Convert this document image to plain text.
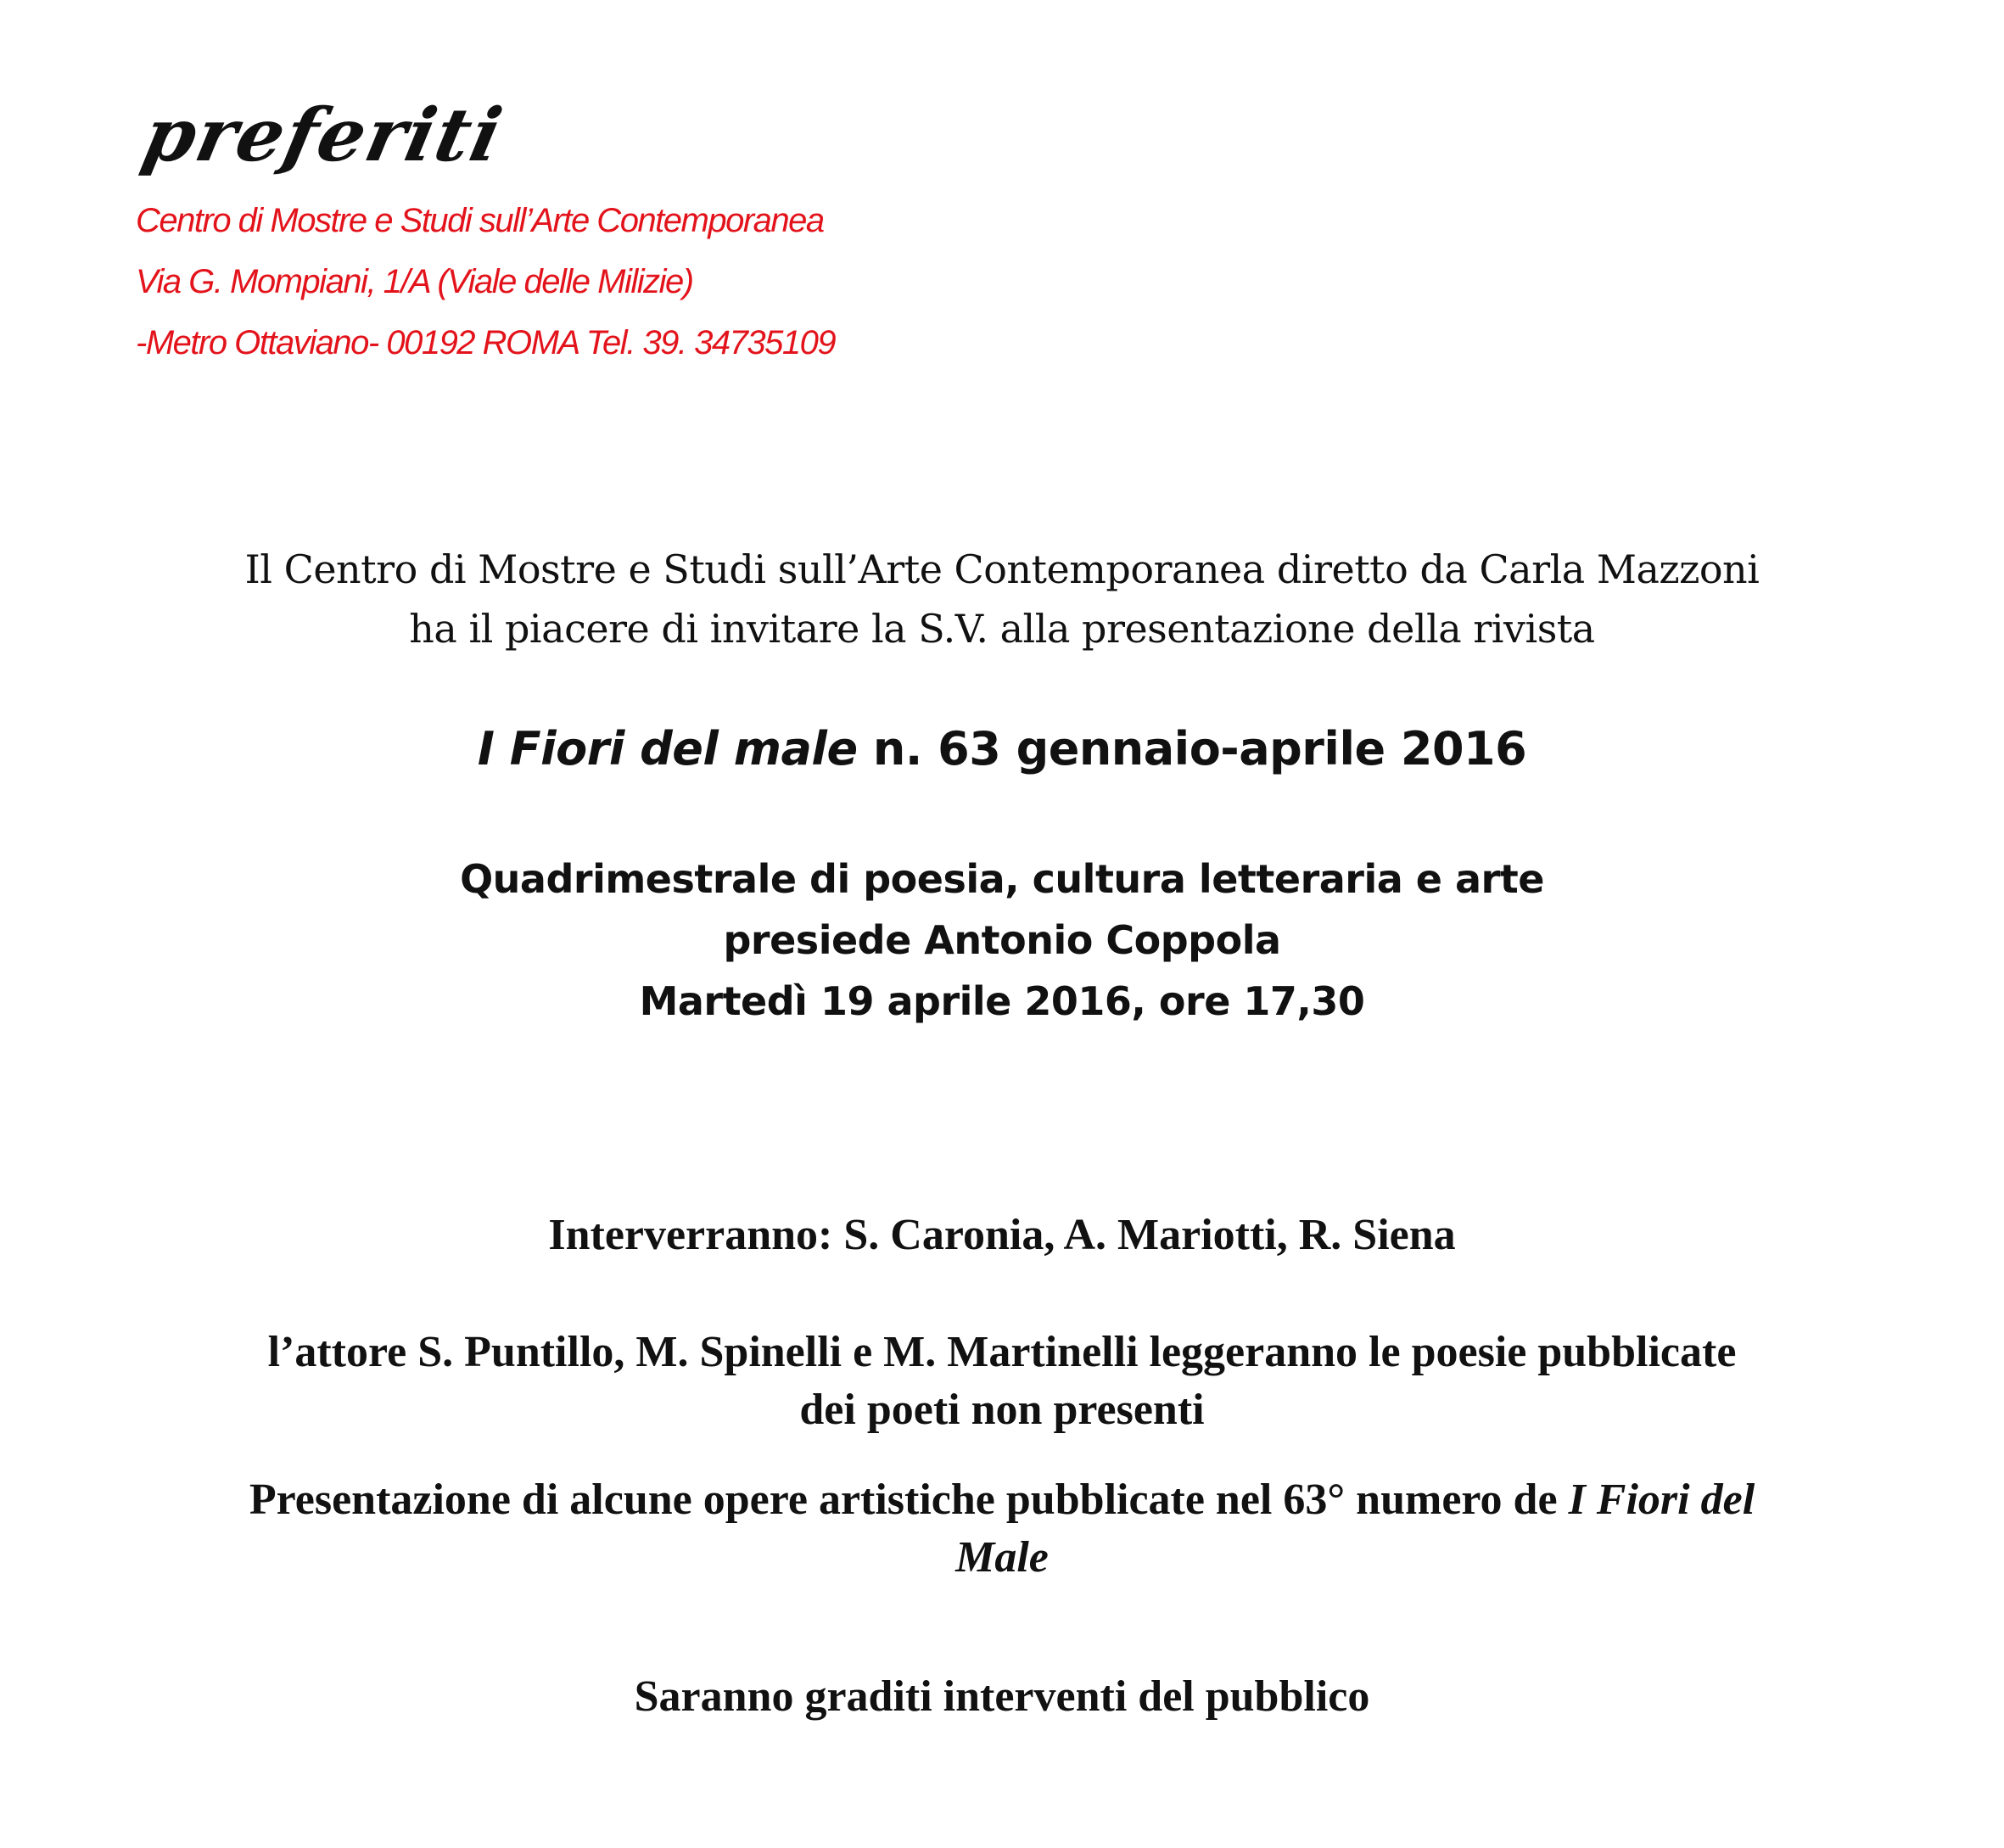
preferiti
Centro di Mostre e Studi sull’Arte Contemporanea
Via G. Mompiani, 1/A (Viale delle Milizie)
-Metro Ottaviano- 00192 ROMA Tel. 39. 34735109
Il Centro di Mostre e Studi sull’Arte Contemporanea diretto da Carla Mazzoni
ha il piacere di invitare la S.V. alla presentazione della rivista
I Fiori del male n. 63 gennaio-aprile 2016
Quadrimestrale di poesia, cultura letteraria e arte
presiede Antonio Coppola
Martedì 19 aprile 2016, ore 17,30
Interverranno: S. Caronia, A. Mariotti, R. Siena
l’attore S. Puntillo, M. Spinelli e M. Martinelli leggeranno le poesie pubblicate
dei poeti non presenti
Presentazione di alcune opere artistiche pubblicate nel 63° numero de I Fiori del
Male
Saranno graditi interventi del pubblico
